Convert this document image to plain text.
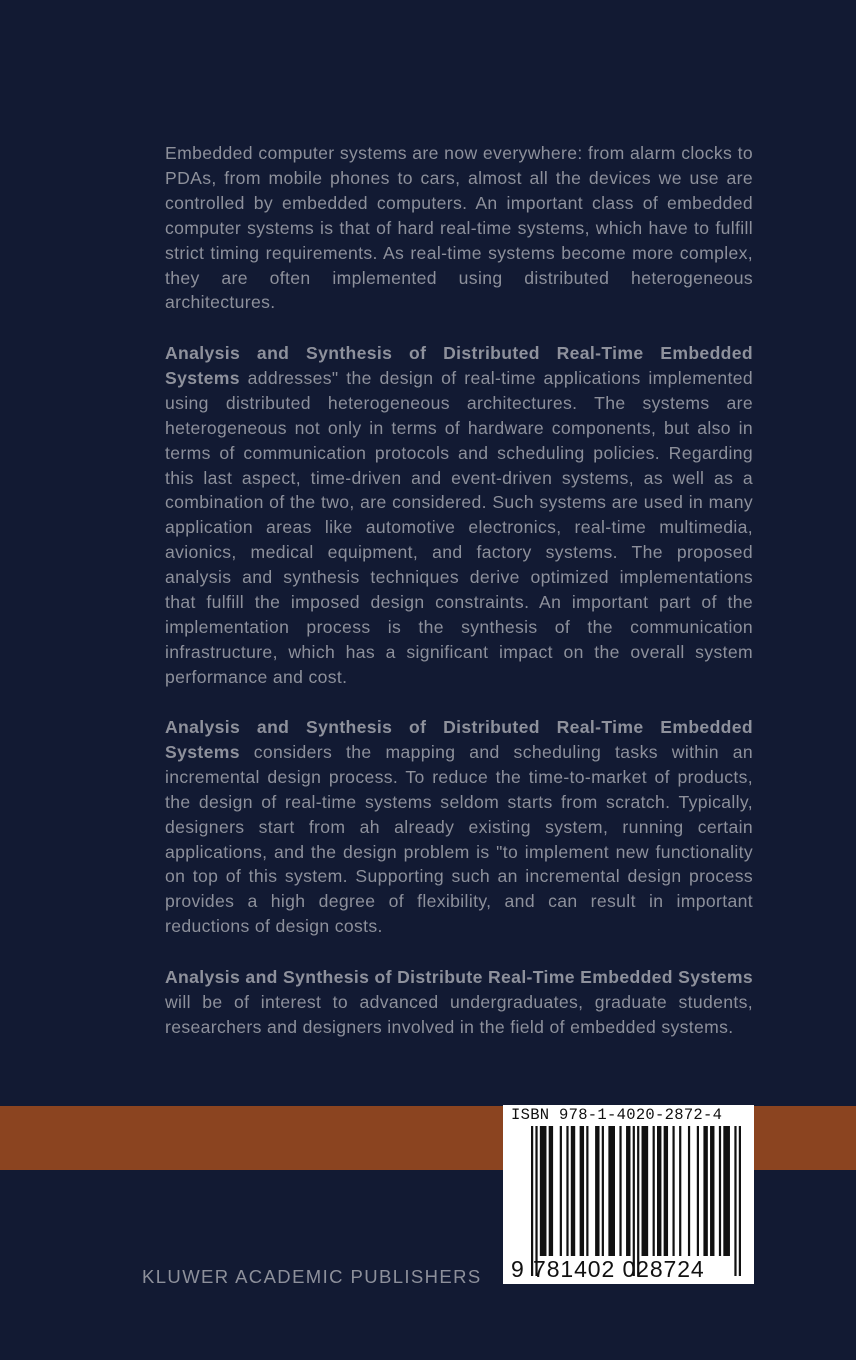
Embedded computer systems are now everywhere: from alarm clocks to PDAs, from mobile phones to cars, almost all the devices we use are controlled by embedded computers. An important class of embedded computer systems is that of hard real-time systems, which have to fulfill strict timing requirements. As real-time systems become more complex, they are often implemented using distributed heterogeneous architectures.

Analysis and Synthesis of Distributed Real-Time Embedded Systems addresses" the design of real-time applications implemented using distributed heterogeneous architectures. The systems are heterogeneous not only in terms of hardware components, but also in terms of communication protocols and scheduling policies. Regarding this last aspect, time-driven and event-driven systems, as well as a combination of the two, are considered. Such systems are used in many application areas like automotive electronics, real-time multimedia, avionics, medical equipment, and factory systems. The proposed analysis and synthesis techniques derive optimized implementations that fulfill the imposed design constraints. An important part of the implementation process is the synthesis of the communication infrastructure, which has a significant impact on the overall system performance and cost.

Analysis and Synthesis of Distributed Real-Time Embedded Systems considers the mapping and scheduling tasks within an incremental design process. To reduce the time-to-market of products, the design of real-time systems seldom starts from scratch. Typically, designers start from ah already existing system, running certain applications, and the design problem is "to implement new functionality on top of this system. Supporting such an incremental design process provides a high degree of flexibility, and can result in important reductions of design costs.

Analysis and Synthesis of Distribute Real-Time Embedded Systems will be of interest to advanced undergraduates, graduate students, researchers and designers involved in the field of embedded systems.

ISBN 978-1-4020-2872-4
9 781402 028724
KLUWER ACADEMIC PUBLISHERS
